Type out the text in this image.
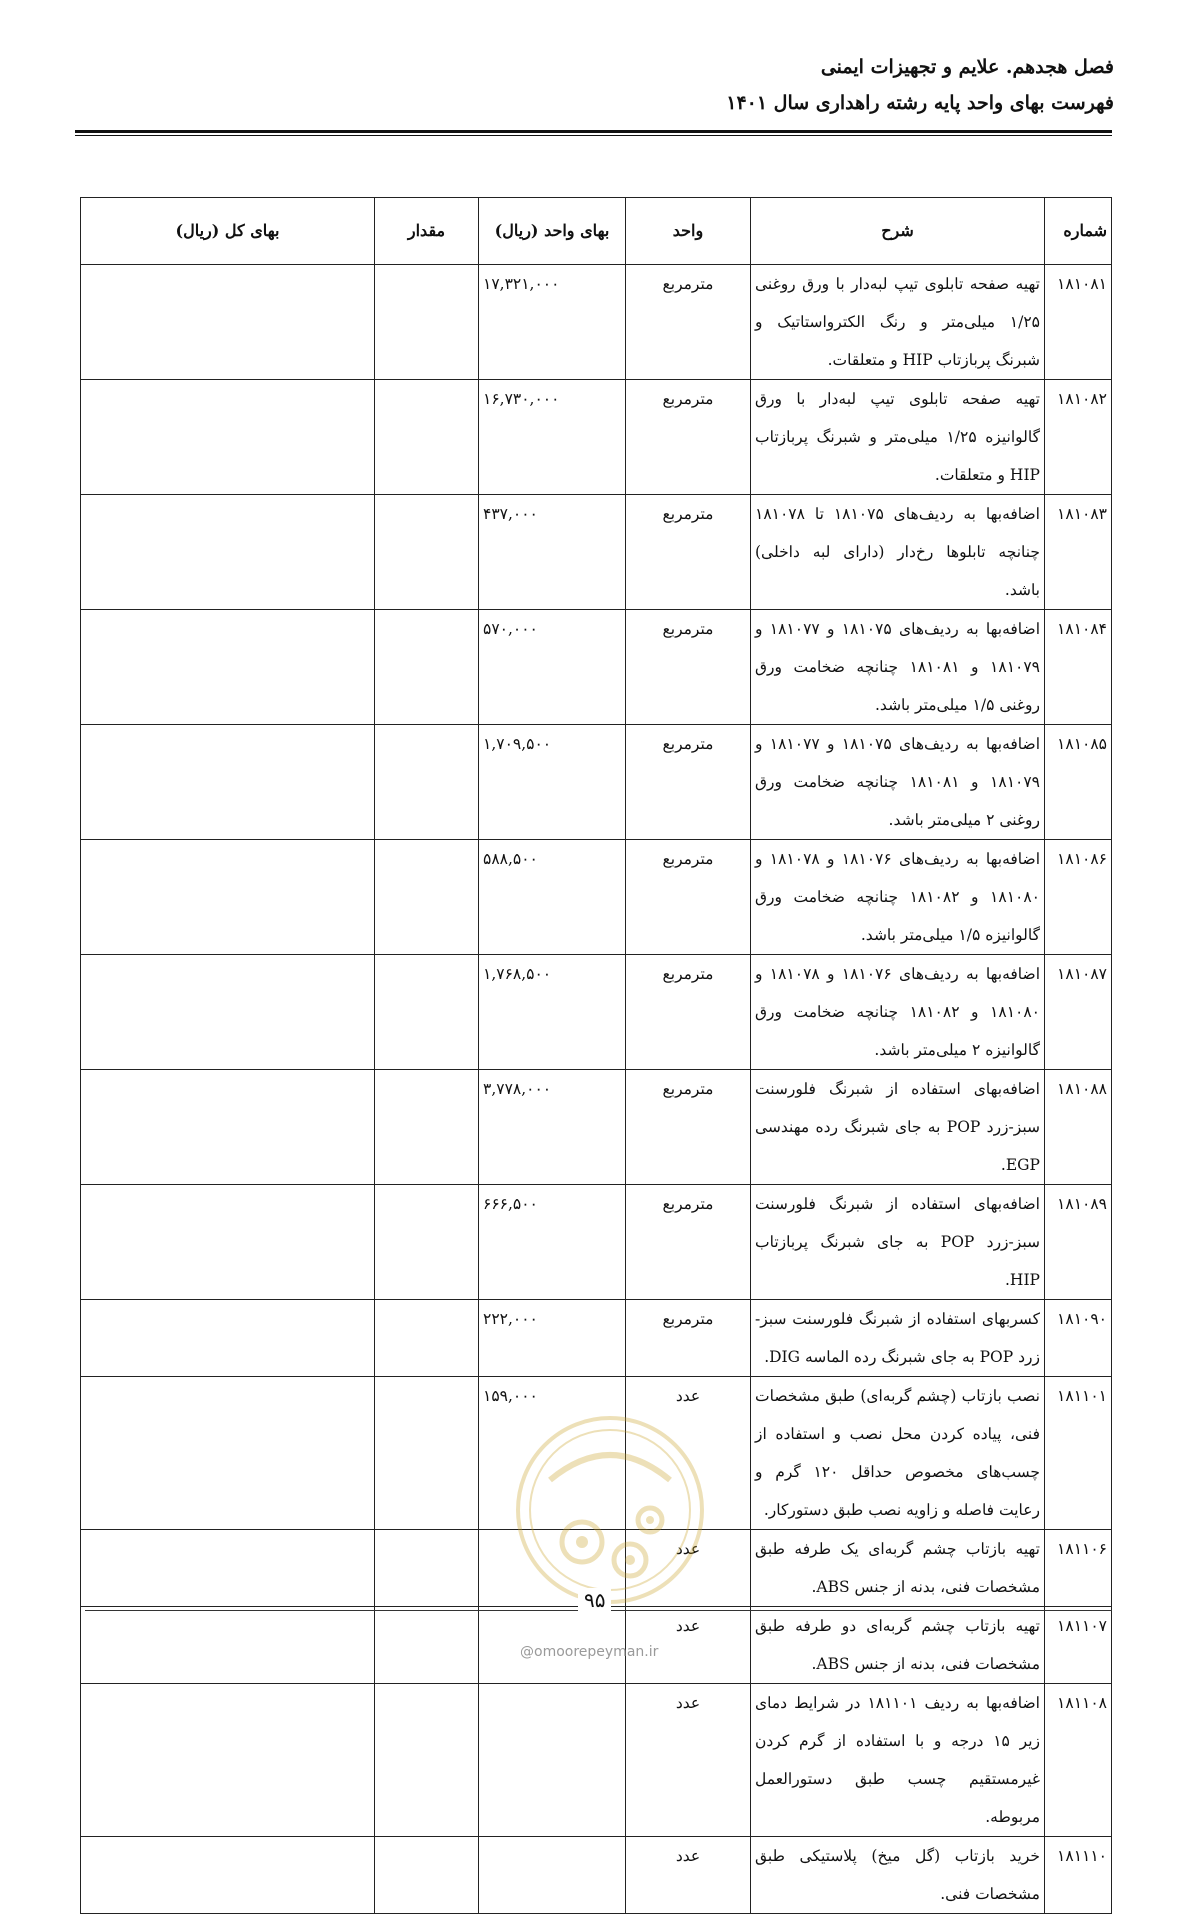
فصل هجدهم. علایم و تجهیزات ایمنی
فهرست بهای واحد پایه رشته راهداری سال ۱۴۰۱
شماره	شرح	واحد	بهای واحد (ریال)	مقدار	بهای کل (ریال)
۱۸۱۰۸۱	تهیه صفحه تابلوی تیپ لبه‌دار با ورق روغنی ۱/۲۵ میلی‌متر و رنگ الکترواستاتیک و شبرنگ پربازتاب HIP و متعلقات.	مترمربع	۱۷,۳۲۱,۰۰۰		
۱۸۱۰۸۲	تهیه صفحه تابلوی تیپ لبه‌دار با ورق گالوانیزه ۱/۲۵ میلی‌متر و شبرنگ پربازتاب HIP و متعلقات.	مترمربع	۱۶,۷۳۰,۰۰۰		
۱۸۱۰۸۳	اضافه‌بها به ردیف‌های ۱۸۱۰۷۵ تا ۱۸۱۰۷۸ چنانچه تابلوها رخ‌دار (دارای لبه داخلی) باشد.	مترمربع	۴۳۷,۰۰۰		
۱۸۱۰۸۴	اضافه‌بها به ردیف‌های ۱۸۱۰۷۵ و ۱۸۱۰۷۷ و ۱۸۱۰۷۹ و ۱۸۱۰۸۱ چنانچه ضخامت ورق روغنی ۱/۵ میلی‌متر باشد.	مترمربع	۵۷۰,۰۰۰		
۱۸۱۰۸۵	اضافه‌بها به ردیف‌های ۱۸۱۰۷۵ و ۱۸۱۰۷۷ و ۱۸۱۰۷۹ و ۱۸۱۰۸۱ چنانچه ضخامت ورق روغنی ۲ میلی‌متر باشد.	مترمربع	۱,۷۰۹,۵۰۰		
۱۸۱۰۸۶	اضافه‌بها به ردیف‌های ۱۸۱۰۷۶ و ۱۸۱۰۷۸ و ۱۸۱۰۸۰ و ۱۸۱۰۸۲ چنانچه ضخامت ورق گالوانیزه ۱/۵ میلی‌متر باشد.	مترمربع	۵۸۸,۵۰۰		
۱۸۱۰۸۷	اضافه‌بها به ردیف‌های ۱۸۱۰۷۶ و ۱۸۱۰۷۸ و ۱۸۱۰۸۰ و ۱۸۱۰۸۲ چنانچه ضخامت ورق گالوانیزه ۲ میلی‌متر باشد.	مترمربع	۱,۷۶۸,۵۰۰		
۱۸۱۰۸۸	اضافه‌بهای استفاده از شبرنگ فلورسنت سبز-زرد POP به جای شبرنگ رده مهندسی EGP.	مترمربع	۳,۷۷۸,۰۰۰		
۱۸۱۰۸۹	اضافه‌بهای استفاده از شبرنگ فلورسنت سبز-زرد POP به جای شبرنگ پربازتاب HIP.	مترمربع	۶۶۶,۵۰۰		
۱۸۱۰۹۰	کسربهای استفاده از شبرنگ فلورسنت سبز-زرد POP به جای شبرنگ رده الماسه DIG.	مترمربع	۲۲۲,۰۰۰		
۱۸۱۱۰۱	نصب بازتاب (چشم گربه‌ای) طبق مشخصات فنی، پیاده کردن محل نصب و استفاده از چسب‌های مخصوص حداقل ۱۲۰ گرم و رعایت فاصله و زاویه نصب طبق دستورکار.	عدد	۱۵۹,۰۰۰		
۱۸۱۱۰۶	تهیه بازتاب چشم گربه‌ای یک طرفه طبق مشخصات فنی، بدنه از جنس ABS.	عدد			
۱۸۱۱۰۷	تهیه بازتاب چشم گربه‌ای دو طرفه طبق مشخصات فنی، بدنه از جنس ABS.	عدد			
۱۸۱۱۰۸	اضافه‌بها به ردیف ۱۸۱۱۰۱ در شرایط دمای زیر ۱۵ درجه و با استفاده از گرم کردن غیرمستقیم چسب طبق دستورالعمل مربوطه.	عدد			
۱۸۱۱۱۰	خرید بازتاب (گل میخ) پلاستیکی طبق مشخصات فنی.	عدد			
۹۵
@omoorepeyman.ir
